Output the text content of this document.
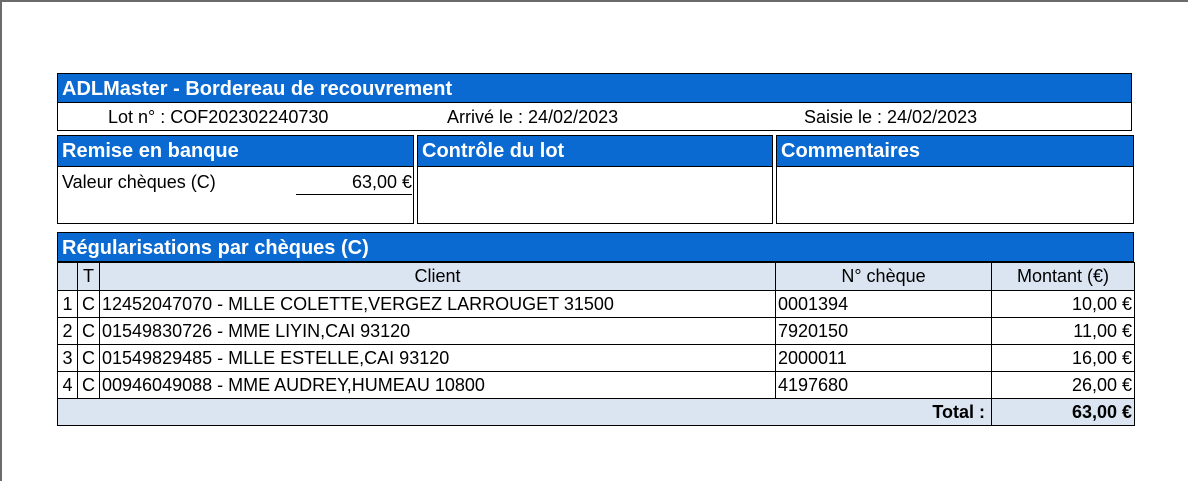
ADLMaster - Bordereau de recouvrement
Lot n° : COF202302240730	Arrivé le : 24/02/2023	Saisie le : 24/02/2023
Remise en banque
Valeur chèques (C)	63,00 €
Contrôle du lot	Commentaires
Régularisations par chèques (C)
	T	Client	N° chèque	Montant (€)
1	C	12452047070 - MLLE COLETTE,VERGEZ LARROUGET 31500	0001394	10,00 €
2	C	01549830726 - MME LIYIN,CAI 93120	7920150	11,00 €
3	C	01549829485 - MLLE ESTELLE,CAI 93120	2000011	16,00 €
4	C	00946049088 - MME AUDREY,HUMEAU 10800	4197680	26,00 €
Total :				63,00 €
